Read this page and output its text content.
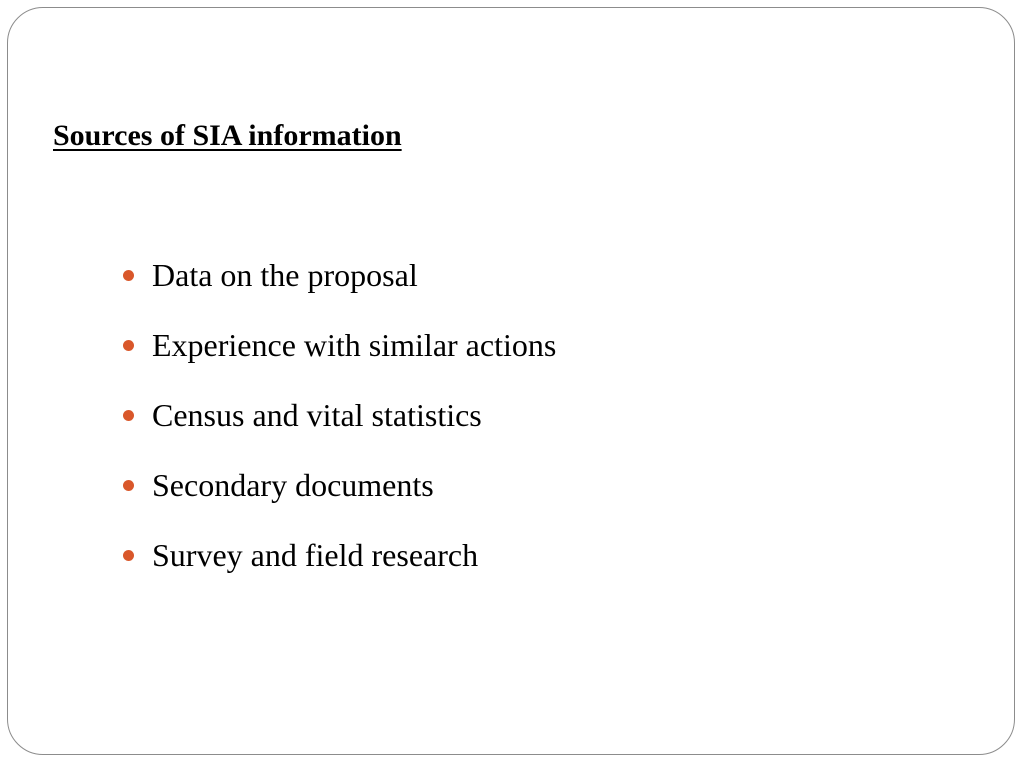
Sources of SIA information
Data on the proposal
Experience with similar actions
Census and vital statistics
Secondary documents
Survey and field research
